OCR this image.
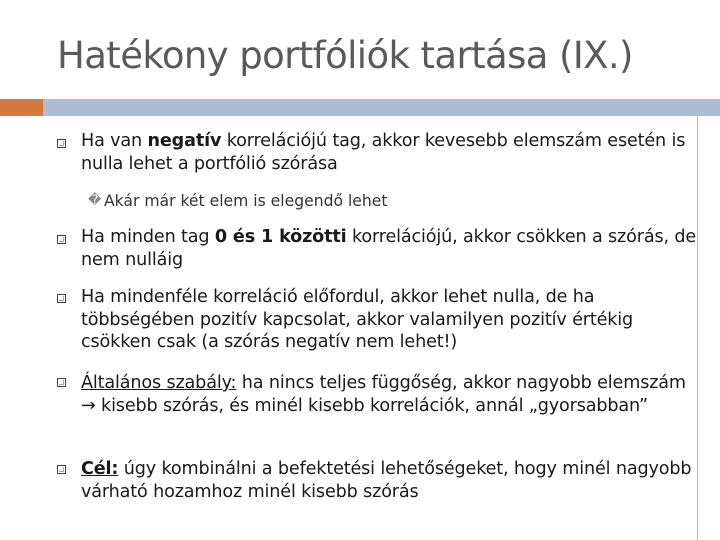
Hatékony portfóliók tartása (IX.)
Ha van negatív korrelációjú tag, akkor kevesebb elemszám esetén is nulla lehet a portfólió szórása
� Akár már két elem is elegendő lehet
Ha minden tag 0 és 1 közötti korrelációjú, akkor csökken a szórás, de nem nulláig
Ha mindenféle korreláció előfordul, akkor lehet nulla, de ha többségében pozitív kapcsolat, akkor valamilyen pozitív értékig csökken csak (a szórás negatív nem lehet!)
Általános szabály: ha nincs teljes függőség, akkor nagyobb elemszám → kisebb szórás, és minél kisebb korrelációk, annál „gyorsabban”
Cél: úgy kombinálni a befektetési lehetőségeket, hogy minél nagyobb várható hozamhoz minél kisebb szórás
